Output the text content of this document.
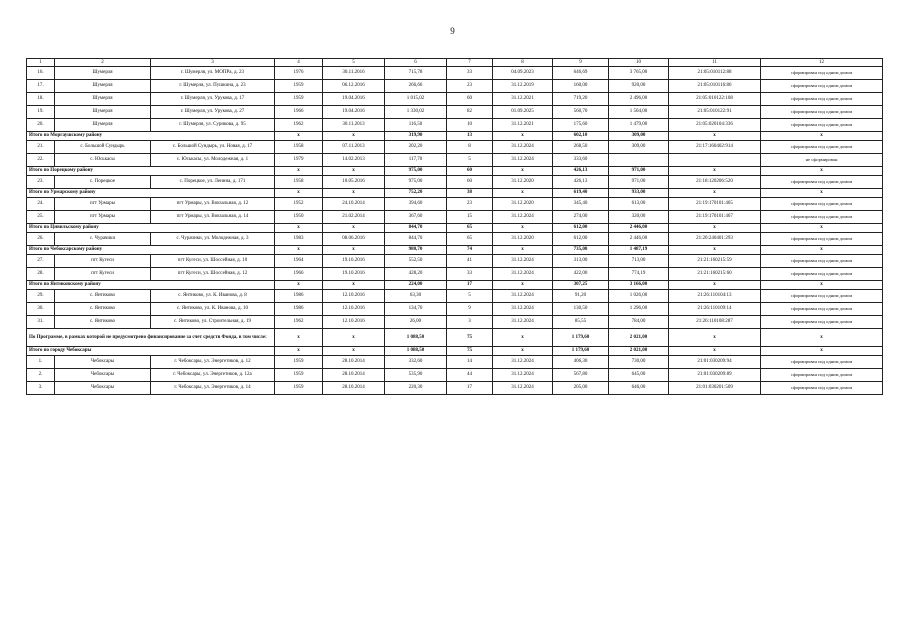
9
1	2	3	4	5	6	7	8	9	10	11	12
16.	Шумерля	г. Шумерля, ул. МОПРа, д. 23	1976	30.11.2016	715,78	33	04.09.2023	646,69	3 765,00	21:05:010112:88	сформирован под одним домом
17.	Шумерля	г. Шумерля, ул. Пушкина, д. 23	1959	06.12.2016	266,66	23	31.12.2019	160,00	920,00	21:05:010116:86	сформирован под одним домом
18.	Шумерля	г. Шумерля, ул. Урукова, д. 17	1959	19.04.2016	1 015,02	60	31.12.2021	719,20	2 496,00	21:05:010122:108	сформирован под одним домом
19.	Шумерля	г. Шумерля, ул. Урукова, д. 27	1966	19.04.2016	1 330,02	82	01.09.2025	560,70	1 504,00	21:05:010122:91	сформирован под одним домом
20.	Шумерля	г. Шумерля, ул. Сурикова, д. 95	1962	30.11.2013	116,50	10	31.12.2021	175,60	1 479,00	21:05:020104:336	сформирован под одним домом
Итого по Моргаушскому району			x	x	319,90	13	x	602,10	309,00	x	x
21.	с. Большой Сундырь	с. Большой Сундырь, ул. Новая, д. 17	1958	07.11.2013	202,20	8	31.12.2024	268,50	309,00	21:17:160402:914	сформирован под одним домом
22.	с. Юськасы	с. Юськасы, ул. Молодежная, д. 1	1979	14.02.2013	117,70	5	31.12.2024	333,60			не сформирован
Итого по Порецкому району			x	x	975,00	60	x	426,13	971,00	x	x
23.	с. Порецкое	с. Порецкое, ул. Ленина, д. 171	1958	10.05.2016	975,00	60	31.12.2020	426,13	971,00	21:18:120206:520	сформирован под одним домом
Итого по Урмарскому району			x	x	752,20	38	x	619,40	933,00	x	x
24.	пгт Урмары	пгт Урмары, ул. Вокзальная, д. 12	1952	24.10.2014	394,60	23	31.12.2020	345,40	613,00	21:19:170101:465	сформирован под одним домом
25.	пгт Урмары	пгт Урмары, ул. Вокзальная, д. 14	1950	21.02.2014	367,60	15	31.12.2024	274,00	320,00	21:19:170101:467	сформирован под одним домом
Итого по Цивильскому району			x	x	844,70	65	x	612,00	2 446,00	x	x
26.	с. Чурачики	с. Чурачики, ул. Молодежная, д. 3	1983	08.06.2016	844,70	65	31.12.2020	612,00	2 446,00	21:20:240401:293	сформирован под одним домом
Итого по Чебоксарскому району			x	x	980,70	74	x	735,00	1 487,19	x	x
27.	пгт Кугеси	пгт Кугеси, ул. Шоссейная, д. 10	1964	19.10.2016	552,50	41	31.12.2024	313,00	713,00	21:21:160215:59	сформирован под одним домом
28.	пгт Кугеси	пгт Кугеси, ул. Шоссейная, д. 12	1966	19.10.2016	428,20	33	31.12.2024	422,00	774,19	21:21:160215:60	сформирован под одним домом
Итого по Янтиковскому району			x	x	224,00	17	x	307,25	3 166,00	x	x
29.	с. Янтиково	с. Янтиково, ул. К. Иванова, д. 8	1986	12.10.2016	63,30	5	31.12.2024	91,20	1 026,00	21:26:110104:13	сформирован под одним домом
30.	с. Янтиково	с. Янтиково, ул. К. Иванова, д. 10	1986	12.10.2016	134,70	9	31.12.2024	130,50	1 296,00	21:26:110109:14	сформирован под одним домом
31.	с. Янтиково	с. Янтиково, ул. Строительная, д. 19	1962	12.10.2016	26,00	3	31.12.2024	85,55	784,00	21:26:110108:287	сформирован под одним домом
По Программе, в рамках которой не предусмотрено финансирование за счет средств Фонда, в том числе:			x	x	1 088,50	75	x	1 179,60	2 021,00	x	x
Итого по городу Чебоксары			x	x	1 088,50	75	x	1 179,60	2 021,00	x	x
1.	Чебоксары	г. Чебоксары, ул. Энергетиков, д. 12	1959	28.10.2014	332,60	14	31.12.2024	406,30	730,00	21:01:030209:94	сформирован под одним домом
2.	Чебоксары	г. Чебоксары, ул. Энергетиков, д. 12а	1959	28.10.2014	535,90	44	31.12.2024	567,80	645,00	21:01:030209:89	сформирован под одним домом
3.	Чебоксары	г. Чебоксары, ул. Энергетиков, д. 14	1959	28.10.2014	220,30	17	31.12.2024	205,00	646,00	21:01:030201:509	сформирован под одним домом
